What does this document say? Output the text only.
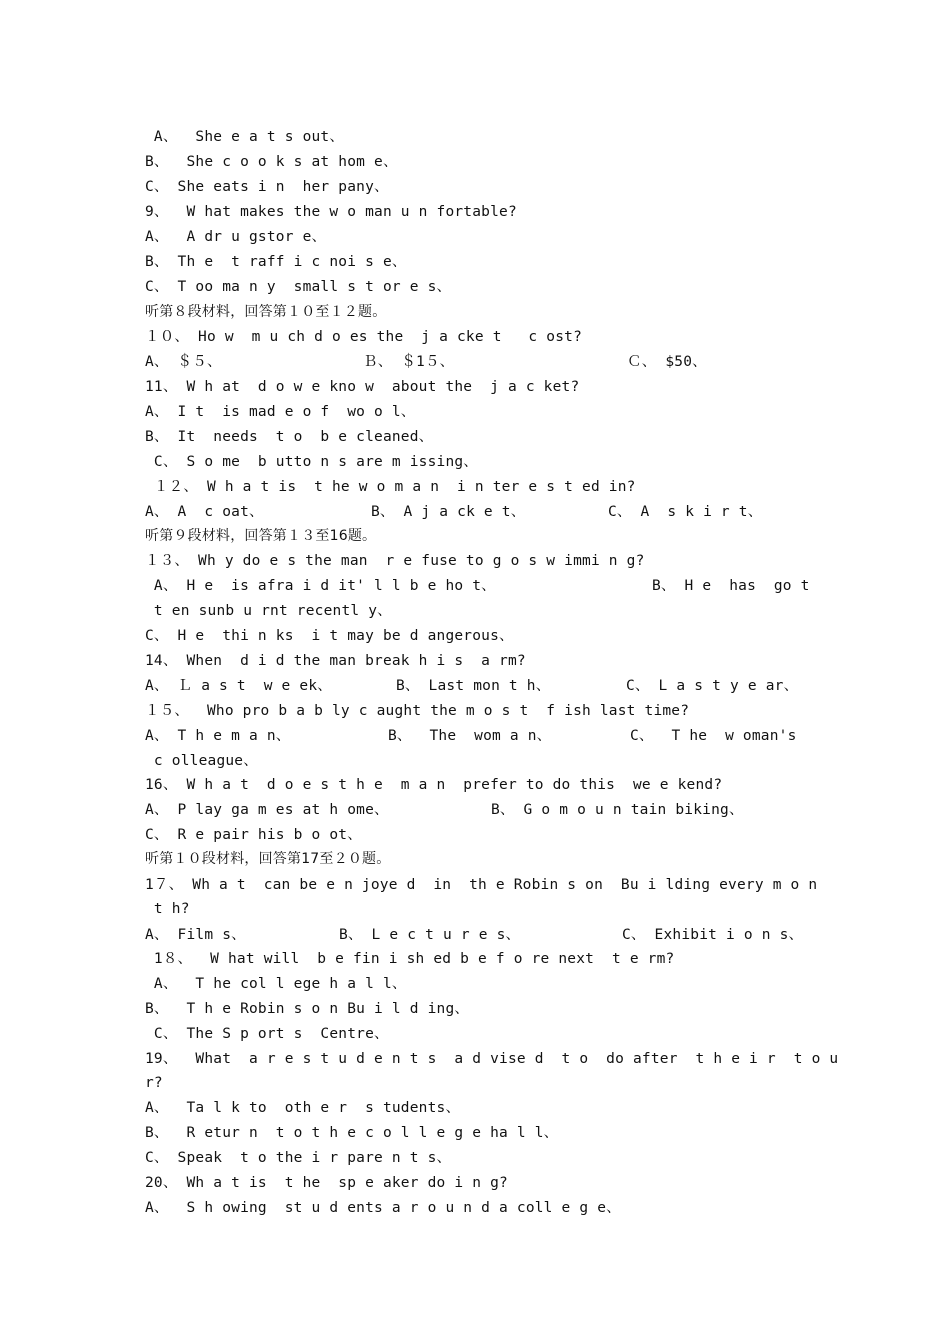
A、  She e a t s out、
B、  She c o o k s at hom e、
C、 She eats i n  her pany、
9、  W hat makes the w o man u n fortable?
A、  A dr u gstor e、
B、 Th e  t raff i c noi s e、
C、 T oo ma n y  small s t or e s、
听第８段材料，回答第１０至１２题。
１０、 Ho w  m u ch d o es the  j a cke t   c ost?

A、 ＄５、

	Ｂ、 ＄1５、

	Ｃ、 $50、

11、 W h at  d o w e kno w  about the  j a c ket?
A、 I t  is mad e o f  wo o l、
B、 It  needs  t o  b e cleaned、
C、 S o me  b utto n s are m issing、
１２、 W h a t is  t he w o m a n  i n ter e s t ed in?

A、 A  c oat、

	B、 A j a ck e t、

	C、 A  s k i r t、

听第９段材料，回答第１３至16题。
１３、 Wh y do e s the man  r e fuse to g o s w immi n g?

A、 H e  is afra i d it' l l b e ho t、

	B、 H e  has  go t

t en sunb u rnt recentl y、
C、 H e  thi n ks  i t may be d angerous、
14、 When  d i d the man break h i s  a rm?

A、 Ｌ a s t  w e ek、

	B、 Last mon t h、

	C、 L a s t y e ar、

１５、  Who pro b a b ly c aught the m o s t  f ish last time?

A、 T h e m a n、

	B、  The  wom a n、

	C、  T he  w oman's

c olleague、
16、 W h a t  d o e s t h e  m a n  prefer to do this  we e kend?

A、 P lay ga m es at h ome、

	B、 G o m o u n tain biking、

C、 R e pair his b o ot、
听第１０段材料，回答第17至２０题。
1７、 Wh a t  can be e n joye d  in  th e Robin s on  Bu i lding every m o n
t h?

A、 Film s、

	B、 L e c t u r e s、

	C、 Exhibit i o n s、

1８、  W hat will  b e fin i sh ed b e f o re next  t e rm?
A、  T he col l ege h a l l、
B、  T h e Robin s o n Bu i l d ing、
C、 The S p ort s  Centre、
19、  What  a r e s t u d e n t s  a d vise d  t o  do after  t h e i r  t o u
r?
A、  Ta l k to  oth e r  s tudents、
B、  R etur n  t o t h e c o l l e g e ha l l、
C、 Speak  t o the i r pare n t s、
20、 Wh a t is  t he  sp e aker do i n g?
A、  S h owing  st u d ents a r o u n d a coll e g e、
